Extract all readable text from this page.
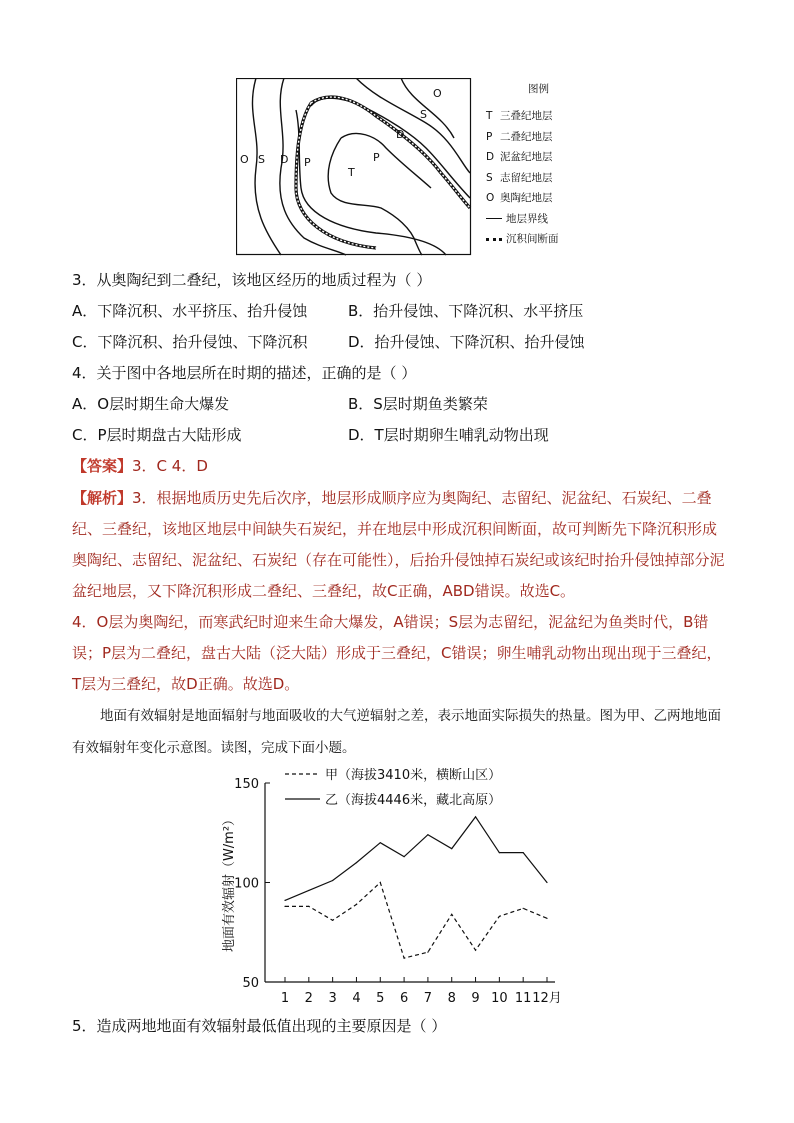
O S D P
T
P
D
S
O	图例
T 三叠纪地层
P 二叠纪地层
D 泥盆纪地层
S 志留纪地层
O 奥陶纪地层
地层界线
沉积间断面
3．从奥陶纪到二叠纪，该地区经历的地质过程为（ ）
A．下降沉积、水平挤压、抬升侵蚀	B．抬升侵蚀、下降沉积、水平挤压
C．下降沉积、抬升侵蚀、下降沉积	D．抬升侵蚀、下降沉积、抬升侵蚀
4．关于图中各地层所在时期的描述，正确的是（ ）
A．O层时期生命大爆发	B．S层时期鱼类繁荣
C．P层时期盘古大陆形成	D．T层时期卵生哺乳动物出现
【答案】3．C 4．D
【解析】3．根据地质历史先后次序，地层形成顺序应为奥陶纪、志留纪、泥盆纪、石炭纪、二叠纪、三叠纪，该地区地层中间缺失石炭纪，并在地层中形成沉积间断面，故可判断先下降沉积形成奥陶纪、志留纪、泥盆纪、石炭纪（存在可能性），后抬升侵蚀掉石炭纪或该纪时抬升侵蚀掉部分泥盆纪地层，又下降沉积形成二叠纪、三叠纪，故C正确，ABD错误。故选C。
4．O层为奥陶纪，而寒武纪时迎来生命大爆发，A错误；S层为志留纪，泥盆纪为鱼类时代，B错误；P层为二叠纪，盘古大陆（泛大陆）形成于三叠纪，C错误；卵生哺乳动物出现出现于三叠纪，T层为三叠纪，故D正确。故选D。
地面有效辐射是地面辐射与地面吸收的大气逆辐射之差，表示地面实际损失的热量。图为甲、乙两地地面有效辐射年变化示意图。读图，完成下面小题。
50
100
150
1 2 3 4 5 6 7 8 9 10 11 12月
地面有效辐射（W/m²）
甲（海拔3410米，横断山区）
乙（海拔4446米，藏北高原）
5．造成两地地面有效辐射最低值出现的主要原因是（ ）
